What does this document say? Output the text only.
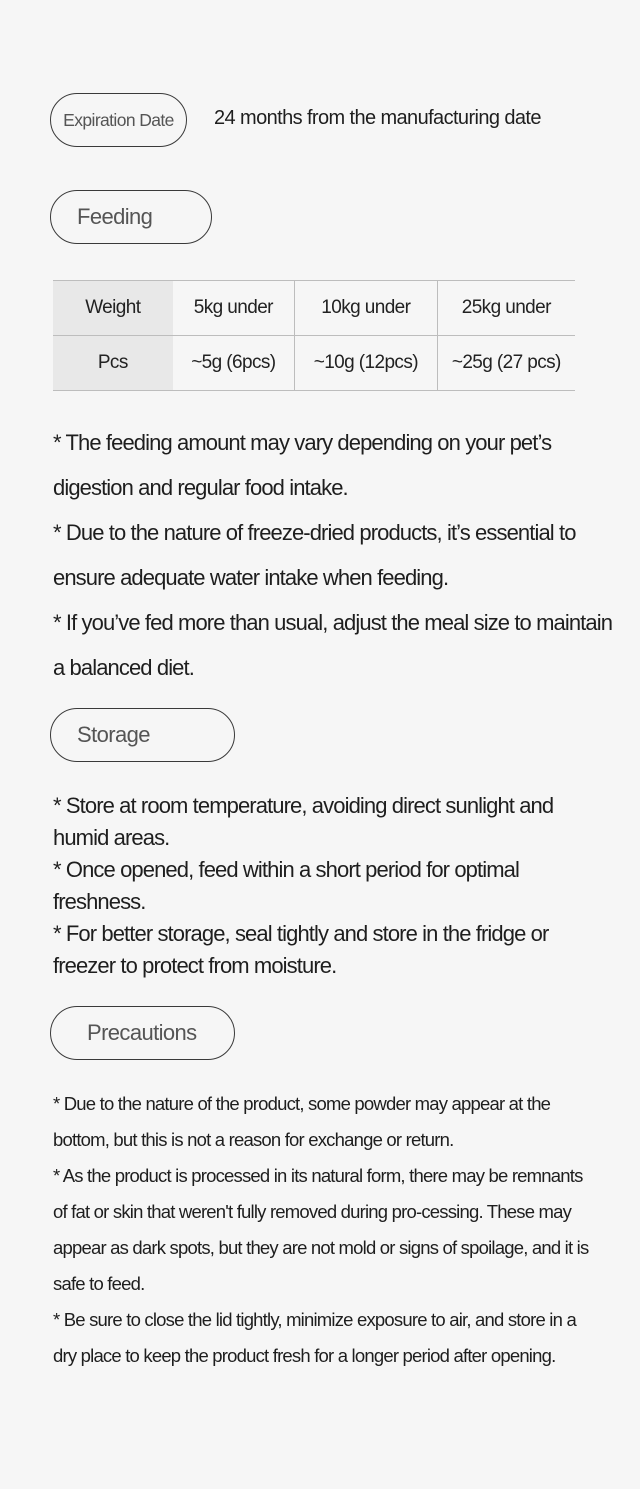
Expiration Date 24 months from the manufacturing date
Feeding
Weight	5kg under	10kg under	25kg under
Pcs	~5g (6pcs)	~10g (12pcs)	~25g (27 pcs)

* The feeding amount may vary depending on your pet’s digestion and regular food intake.

* Due to the nature of freeze-dried products, it’s essential to ensure adequate water intake when feeding.

* If you’ve fed more than usual, adjust the meal size to maintain a balanced diet.

Storage

* Store at room temperature, avoiding direct sunlight and humid areas.

* Once opened, feed within a short period for optimal freshness.

* For better storage, seal tightly and store in the fridge or freezer to protect from moisture.

Precautions

* Due to the nature of the product, some powder may appear at the bottom, but this is not a reason for exchange or return.

* As the product is processed in its natural form, there may be remnants of fat or skin that weren't fully removed during pro-cessing. These may appear as dark spots, but they are not mold or signs of spoilage, and it is safe to feed.

* Be sure to close the lid tightly, minimize exposure to air, and store in a dry place to keep the product fresh for a longer period after opening.
